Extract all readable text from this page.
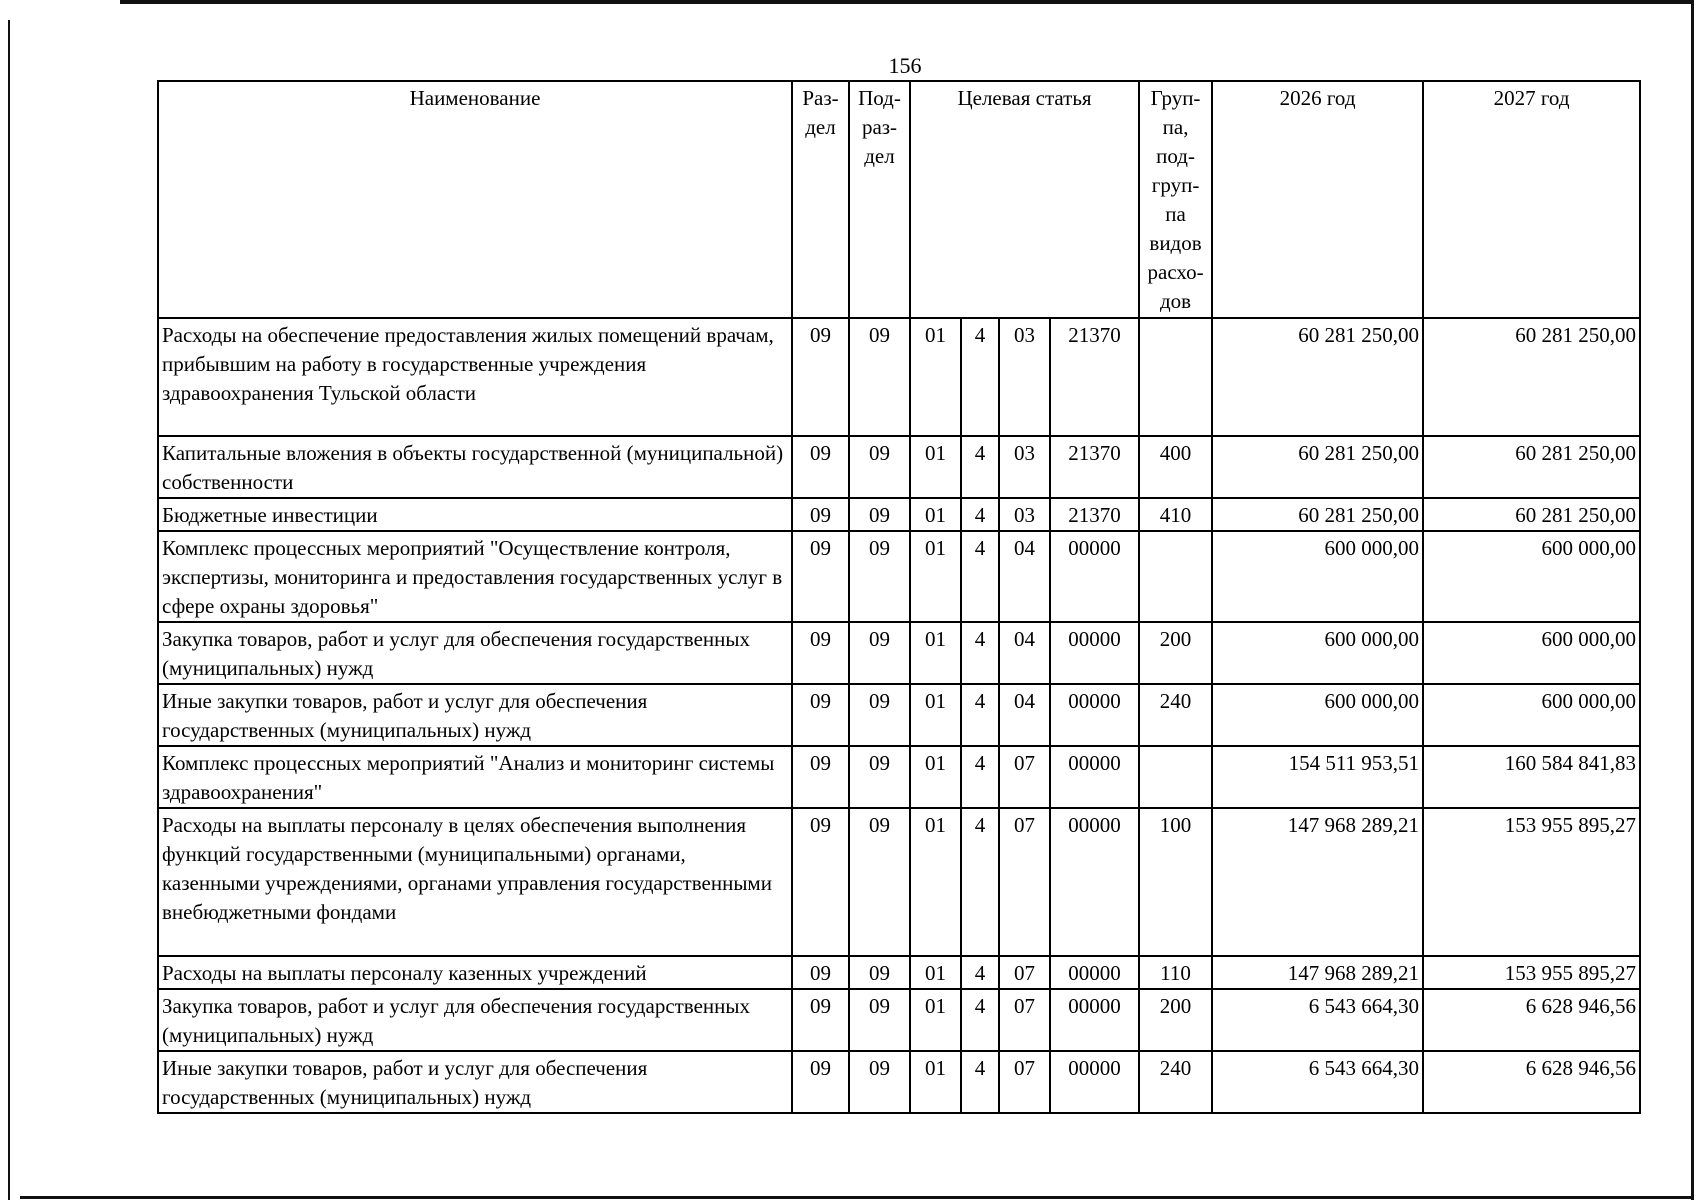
156
Наименование	Раз- дел	Под- раз- дел	Целевая статья				Груп- па, под- груп- па видов расхо- дов	2026 год	2027 год
Расходы на обеспечение предоставления жилых помещений врачам, прибывшим на работу в государственные учреждения здравоохранения Тульской области	09	09	01	4	03	21370		60 281 250,00	60 281 250,00
Капитальные вложения в объекты государственной (муниципальной) собственности	09	09	01	4	03	21370	400	60 281 250,00	60 281 250,00
Бюджетные инвестиции	09	09	01	4	03	21370	410	60 281 250,00	60 281 250,00
Комплекс процессных мероприятий "Осуществление контроля, экспертизы, мониторинга и предоставления государственных услуг в сфере охраны здоровья"	09	09	01	4	04	00000		600 000,00	600 000,00
Закупка товаров, работ и услуг для обеспечения государственных (муниципальных) нужд	09	09	01	4	04	00000	200	600 000,00	600 000,00
Иные закупки товаров, работ и услуг для обеспечения государственных (муниципальных) нужд	09	09	01	4	04	00000	240	600 000,00	600 000,00
Комплекс процессных мероприятий "Анализ и мониторинг системы здравоохранения"	09	09	01	4	07	00000		154 511 953,51	160 584 841,83
Расходы на выплаты персоналу в целях обеспечения выполнения функций государственными (муниципальными) органами, казенными учреждениями, органами управления государственными внебюджетными фондами	09	09	01	4	07	00000	100	147 968 289,21	153 955 895,27
Расходы на выплаты персоналу казенных учреждений	09	09	01	4	07	00000	110	147 968 289,21	153 955 895,27
Закупка товаров, работ и услуг для обеспечения государственных (муниципальных) нужд	09	09	01	4	07	00000	200	6 543 664,30	6 628 946,56
Иные закупки товаров, работ и услуг для обеспечения государственных (муниципальных) нужд	09	09	01	4	07	00000	240	6 543 664,30	6 628 946,56
